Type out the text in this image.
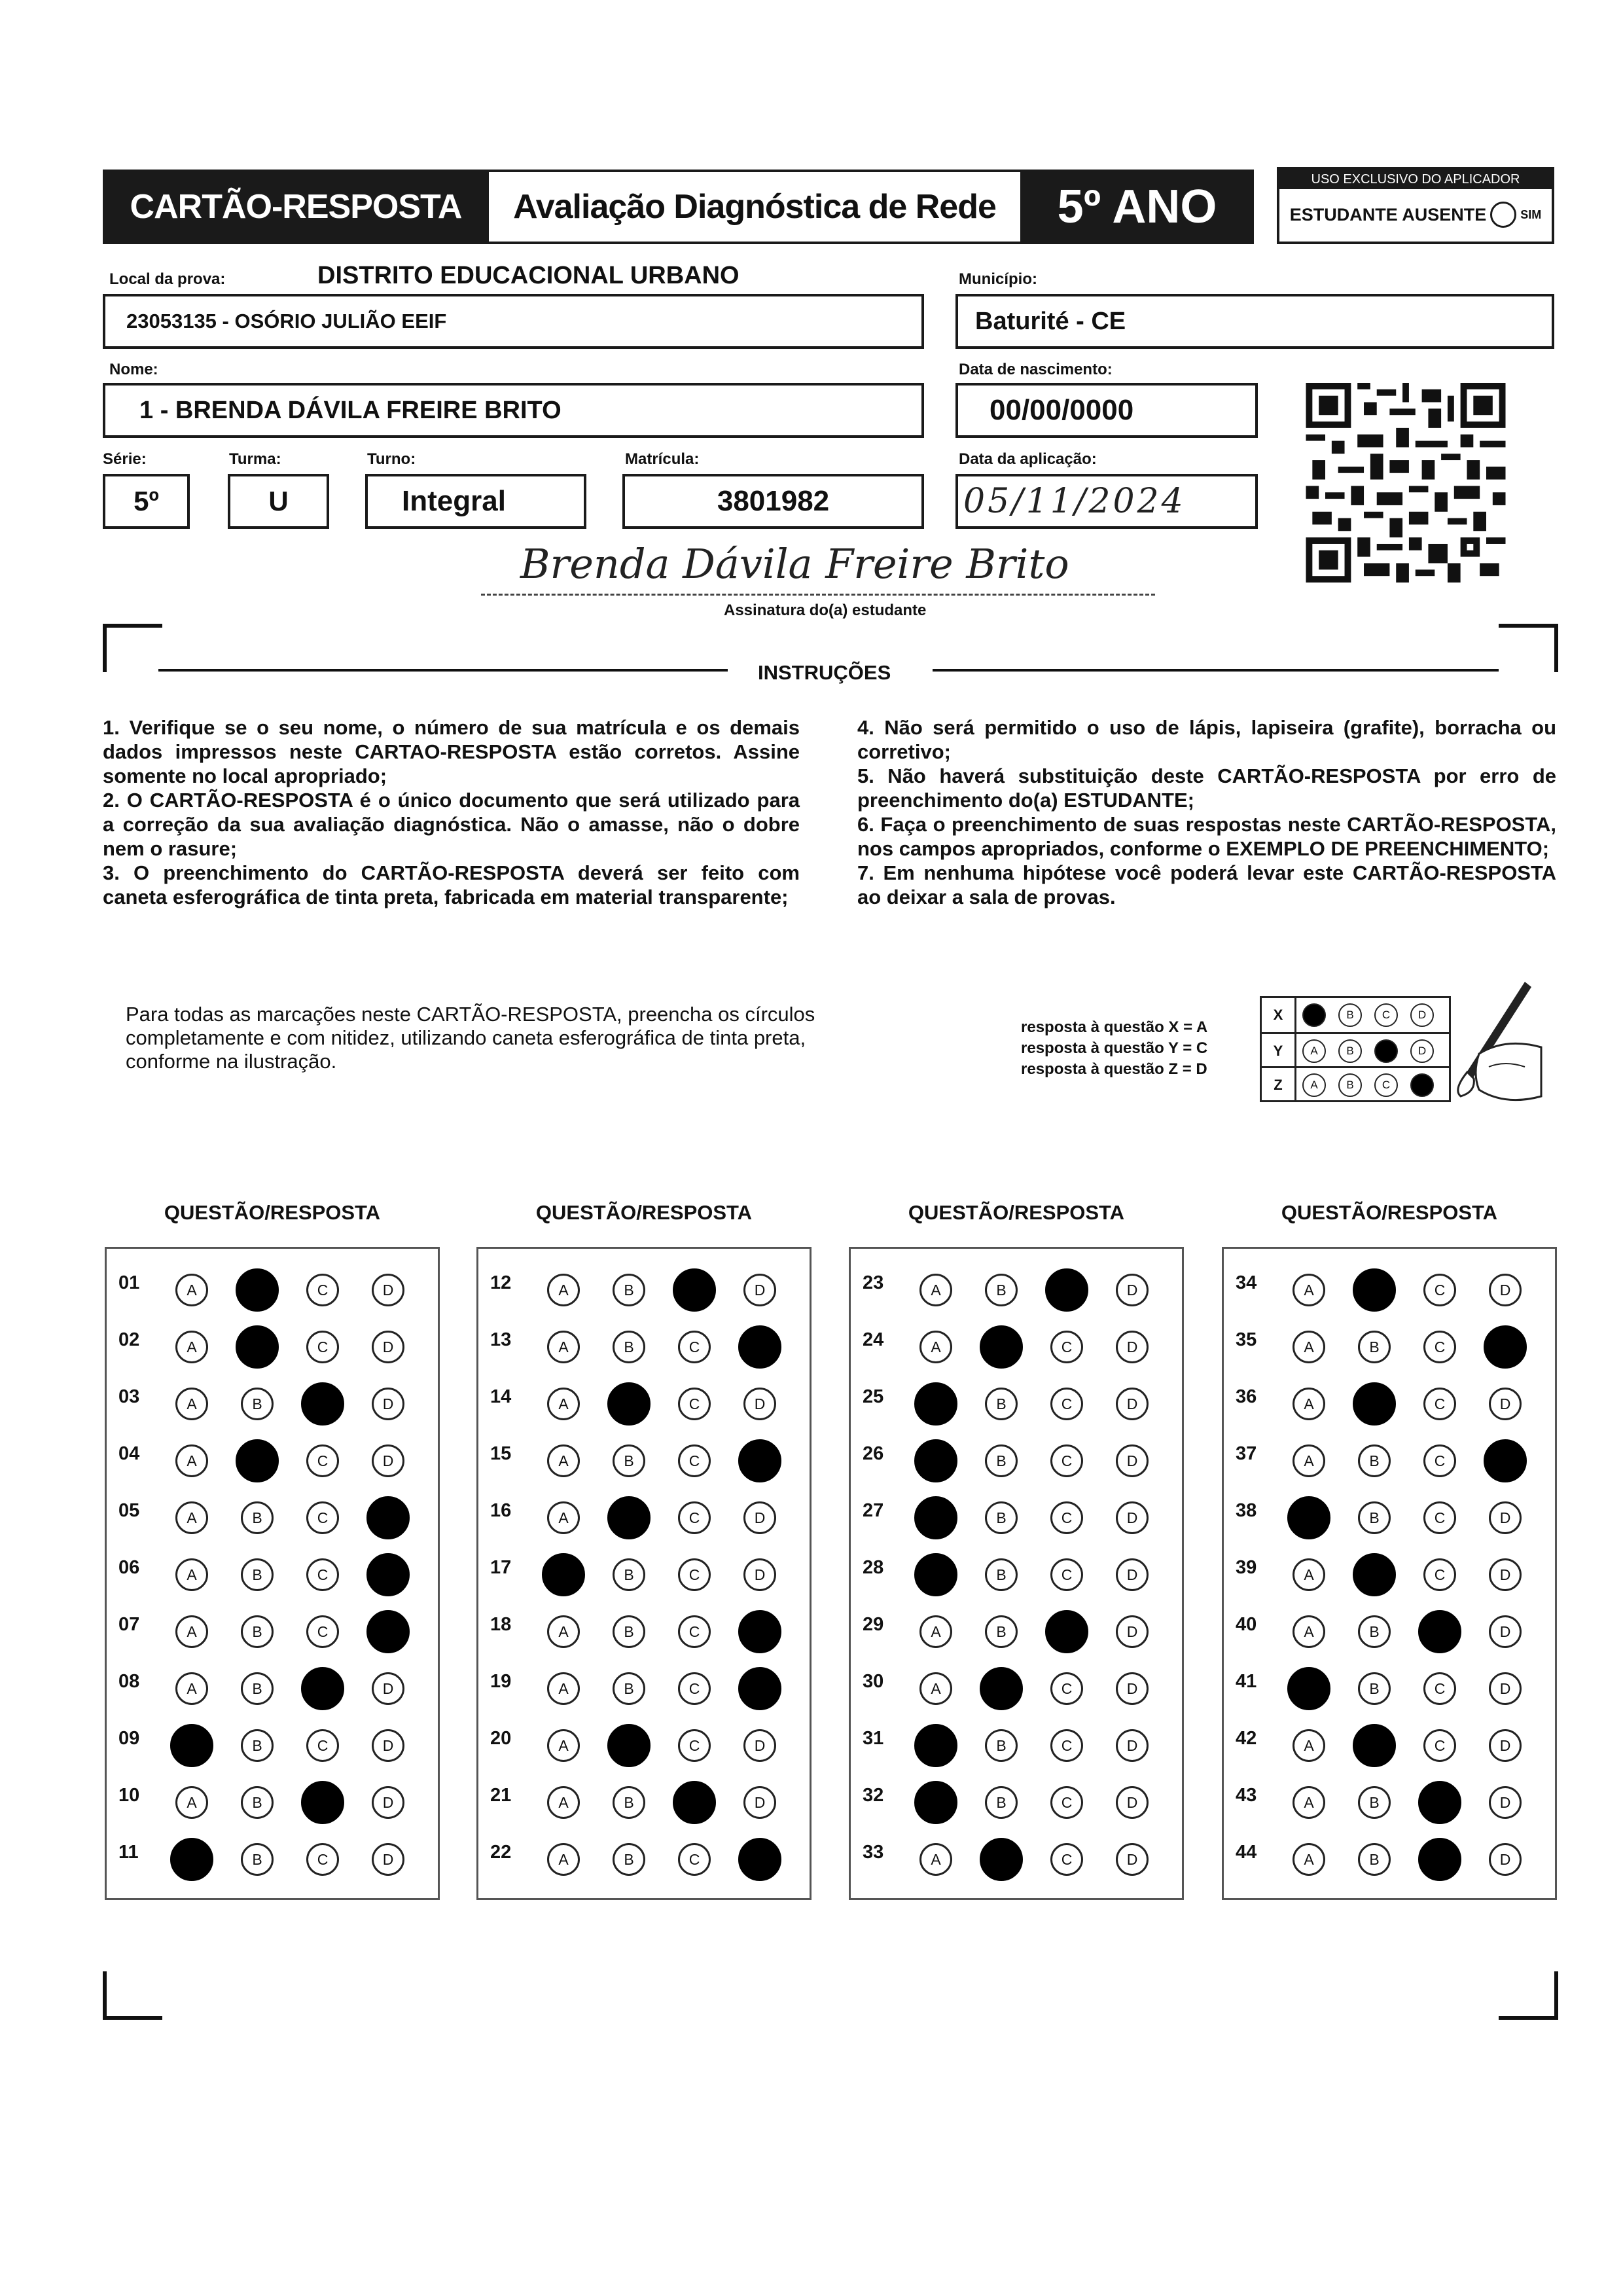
CARTÃO-RESPOSTA Avaliação Diagnóstica de Rede 5º ANO
USO EXCLUSIVO DO APLICADOR
ESTUDANTE AUSENTE	SIM
Local da prova:	DISTRITO EDUCACIONAL URBANO
23053135 - OSÓRIO JULIÃO EEIF
Município:
Baturité - CE
Nome:
1 - BRENDA DÁVILA FREIRE BRITO
Data de nascimento:
00/00/0000
Série:
5º
Turma:
U
Turno:
Integral
Matrícula:
3801982
Data da aplicação:
05/11/2024
Brenda Dávila Freire Brito
Assinatura do(a) estudante
INSTRUÇÕES
1. Verifique se o seu nome, o número de sua matrícula e os demais dados impressos neste CARTAO-RESPOSTA estão corretos. Assine somente no local apropriado;
2. O CARTÃO-RESPOSTA é o único documento que será utilizado para a correção da sua avaliação diagnóstica. Não o amasse, não o dobre nem o rasure;
3. O preenchimento do CARTÃO-RESPOSTA deverá ser feito com caneta esferográfica de tinta preta, fabricada em material transparente;
4. Não será permitido o uso de lápis, lapiseira (grafite), borracha ou corretivo;
5. Não haverá substituição deste CARTÃO-RESPOSTA por erro de preenchimento do(a) ESTUDANTE;
6. Faça o preenchimento de suas respostas neste CARTÃO-RESPOSTA, nos campos apropriados, conforme o EXEMPLO DE PREENCHIMENTO;
7. Em nenhuma hipótese você poderá levar este CARTÃO-RESPOSTA ao deixar a sala de provas.
Para todas as marcações neste CARTÃO-RESPOSTA, preencha os círculos completamente e com nitidez, utilizando caneta esferográfica de tinta preta, conforme na ilustração.
resposta à questão X = A
resposta à questão Y = C
resposta à questão Z = D
X	A	B	C	D
Y	A	B	C	D
Z	A	B	C	D
QUESTÃO/RESPOSTA	QUESTÃO/RESPOSTA	QUESTÃO/RESPOSTA	QUESTÃO/RESPOSTA
01	A	C	D
02	A	C	D
03	A	B	D
04	A	C	D
05	A	B	C
06	A	B	C
07	A	B	C
08	A	B	D
09	B	C	D
10	A	B	D
11	B	C	D
12	A	B	D
13	A	B	C
14	A	C	D
15	A	B	C
16	A	C	D
17	B	C	D
18	A	B	C
19	A	B	C
20	A	C	D
21	A	B	D
22	A	B	C
23	A	B	D
24	A	C	D
25	B	C	D
26	B	C	D
27	B	C	D
28	B	C	D
29	A	B	D
30	A	C	D
31	B	C	D
32	B	C	D
33	A	C	D
34	A	C	D
35	A	B	C
36	A	C	D
37	A	B	C
38	B	C	D
39	A	C	D
40	A	B	D
41	B	C	D
42	A	C	D
43	A	B	D
44	A	B	D
